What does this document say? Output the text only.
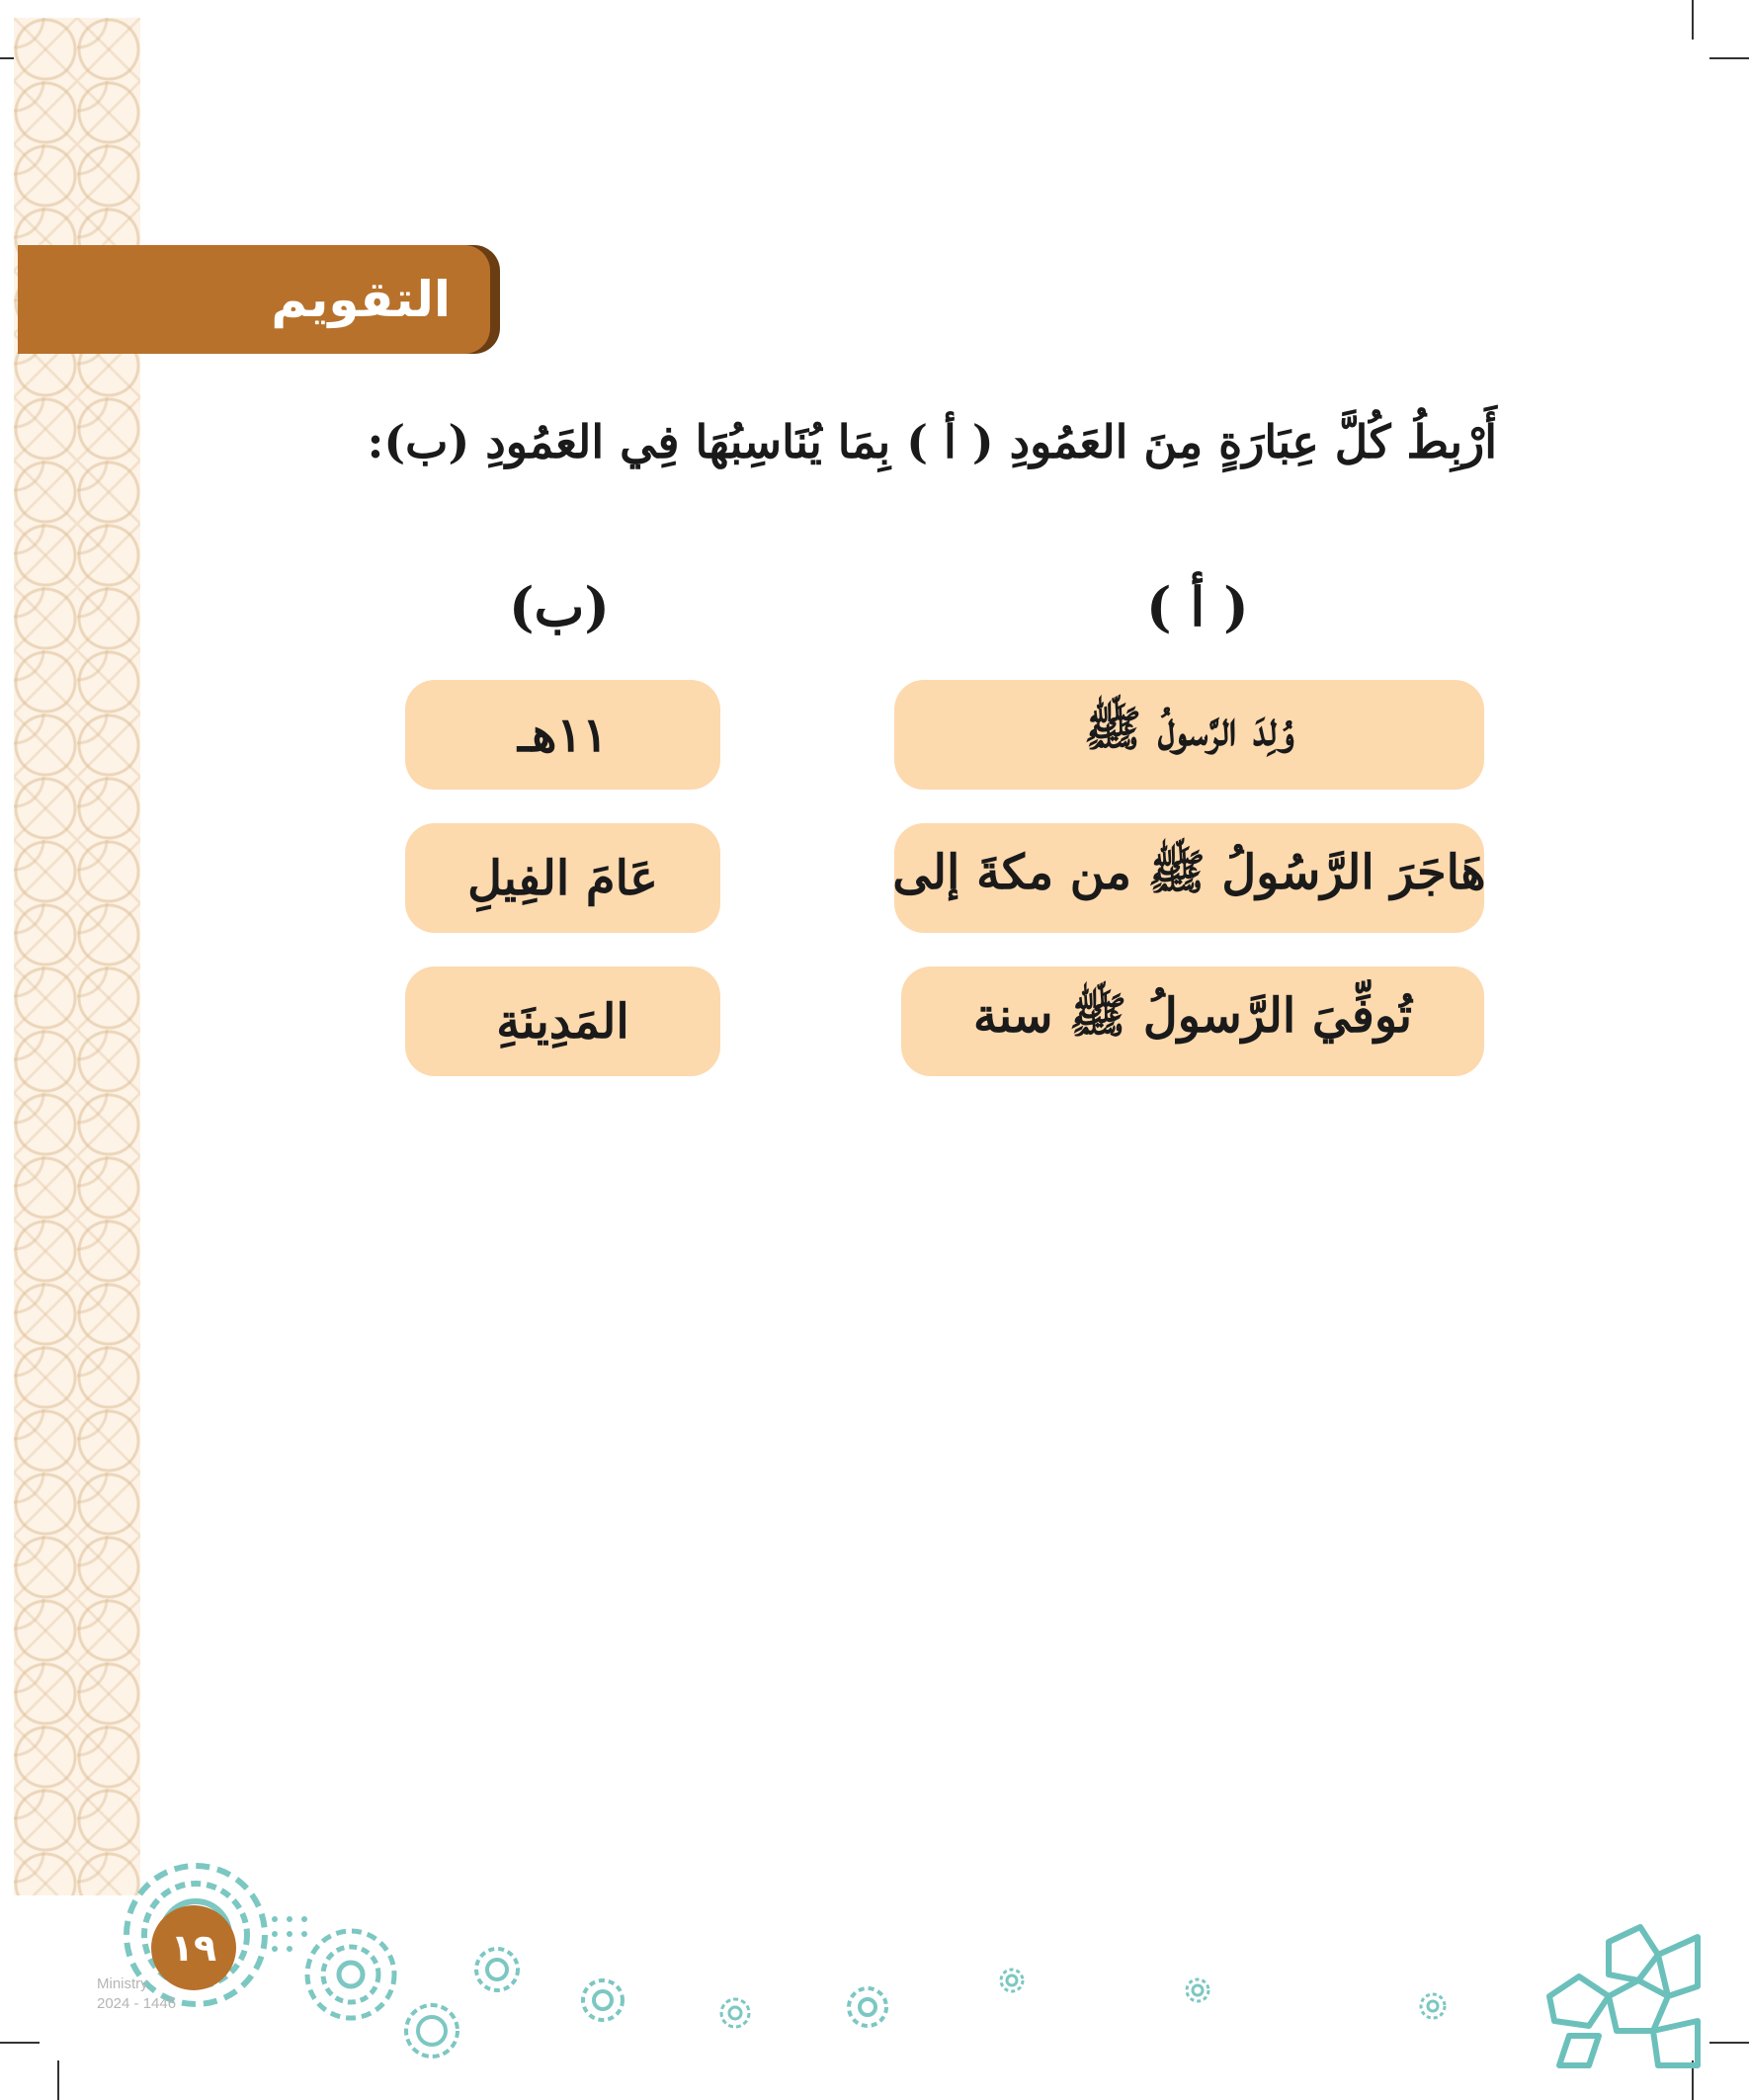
التقويم
أَرْبِطُ كُلَّ عِبَارَةٍ مِنَ العَمُودِ ( أ ) بِمَا يُنَاسِبُهَا فِي العَمُودِ (ب):
( أ )
(ب)
وُلِدَ الرَّسولُ ﷺ
هَاجَرَ الرَّسُولُ ﷺ من مكةَ إلى
تُوفِّيَ الرَّسولُ ﷺ سنة
١١هـ
عَامَ الفِيلِ
المَدِينَةِ
١٩
Ministry
2024 - 1446
